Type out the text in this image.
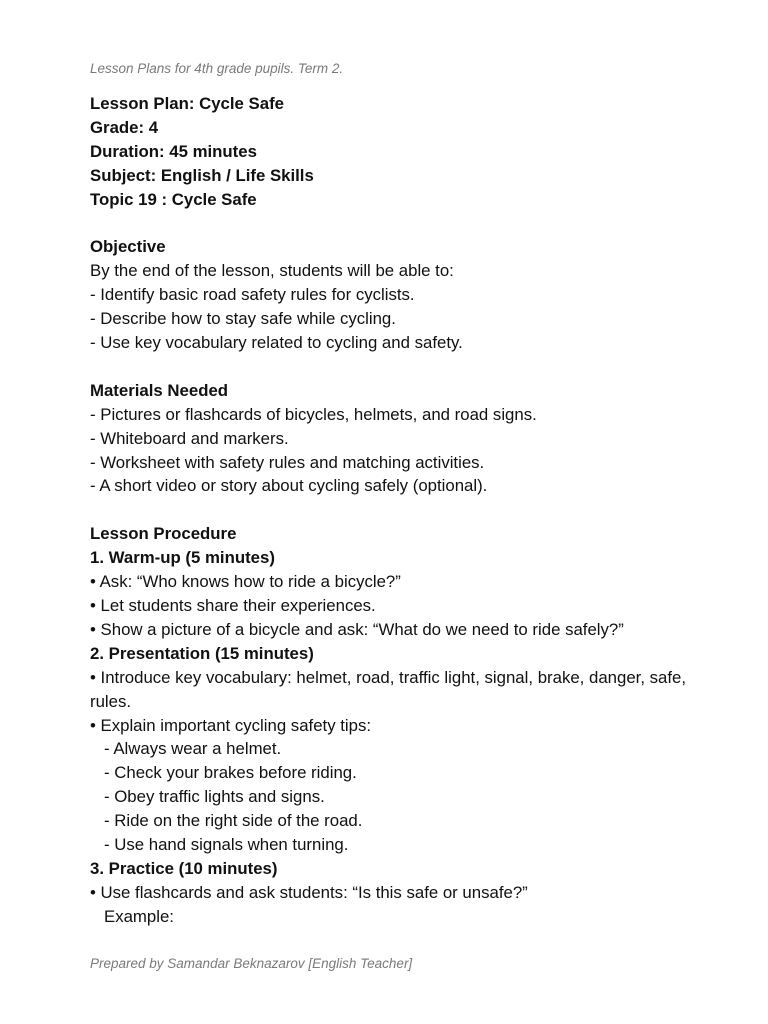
Lesson Plans for 4th grade pupils. Term 2.
Lesson Plan: Cycle Safe
Grade: 4
Duration: 45 minutes
Subject: English / Life Skills
Topic 19 : Cycle Safe
Objective
By the end of the lesson, students will be able to:
- Identify basic road safety rules for cyclists.
- Describe how to stay safe while cycling.
- Use key vocabulary related to cycling and safety.
Materials Needed
- Pictures or flashcards of bicycles, helmets, and road signs.
- Whiteboard and markers.
- Worksheet with safety rules and matching activities.
- A short video or story about cycling safely (optional).
Lesson Procedure
1. Warm-up (5 minutes)
• Ask: “Who knows how to ride a bicycle?”
• Let students share their experiences.
• Show a picture of a bicycle and ask: “What do we need to ride safely?”
2. Presentation (15 minutes)
• Introduce key vocabulary: helmet, road, traffic light, signal, brake, danger, safe, rules.
• Explain important cycling safety tips:
- Always wear a helmet.
- Check your brakes before riding.
- Obey traffic lights and signs.
- Ride on the right side of the road.
- Use hand signals when turning.
3. Practice (10 minutes)
• Use flashcards and ask students: “Is this safe or unsafe?”
Example:
Prepared by Samandar Beknazarov [English Teacher]
